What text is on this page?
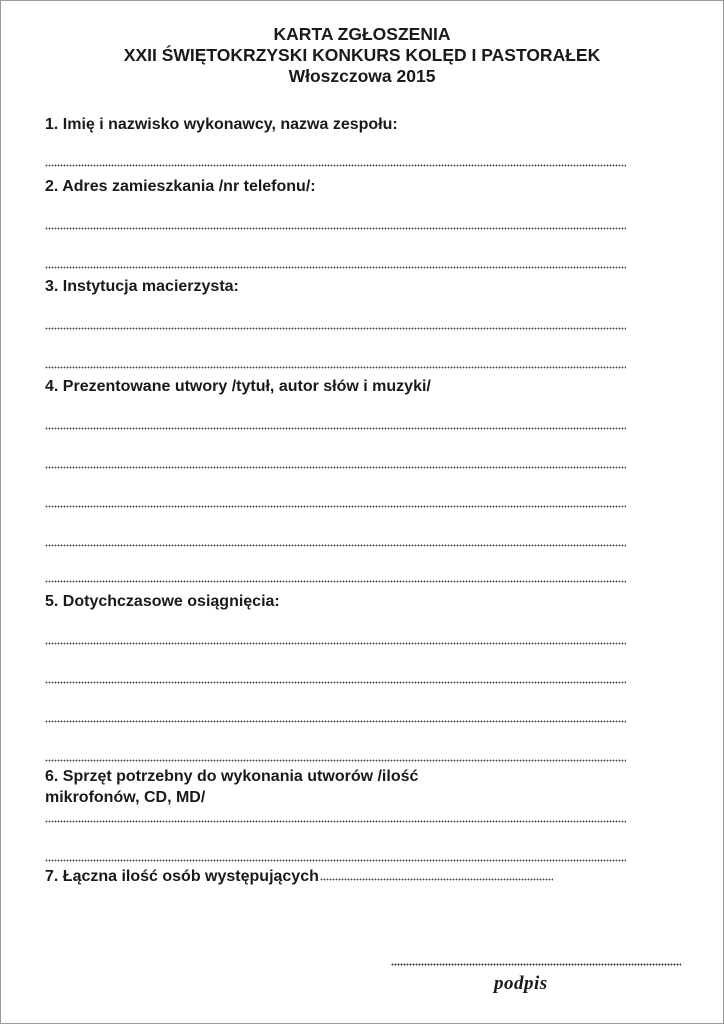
KARTA ZGŁOSZENIA
XXII ŚWIĘTOKRZYSKI KONKURS KOLĘD I PASTORAŁEK
Włoszczowa 2015
1. Imię i nazwisko wykonawcy, nazwa zespołu:
2. Adres zamieszkania /nr telefonu/:
3. Instytucja macierzysta:
4. Prezentowane utwory /tytuł, autor słów i muzyki/
5. Dotychczasowe osiągnięcia:
6. Sprzęt potrzebny do wykonania utworów /ilość
mikrofonów, CD, MD/
7. Łączna ilość osób występujących
podpis
